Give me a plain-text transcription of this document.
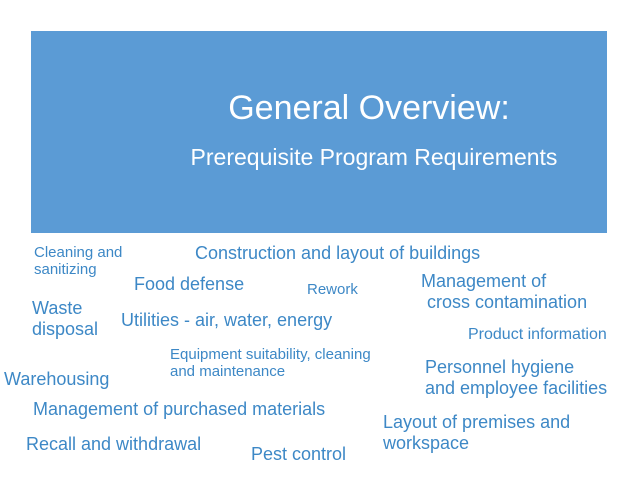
General Overview:
Prerequisite Program Requirements
Cleaning and
sanitizing
Construction and layout of buildings
Food defense	Rework	Management of
cross contamination
Waste
disposal Utilities - air, water, energy
Product information
Equipment suitability, cleaning
and maintenance	Personnel hygiene
and employee facilities
Warehousing
Management of purchased materials
Layout of premises and
workspace
Recall and withdrawal	Pest control
